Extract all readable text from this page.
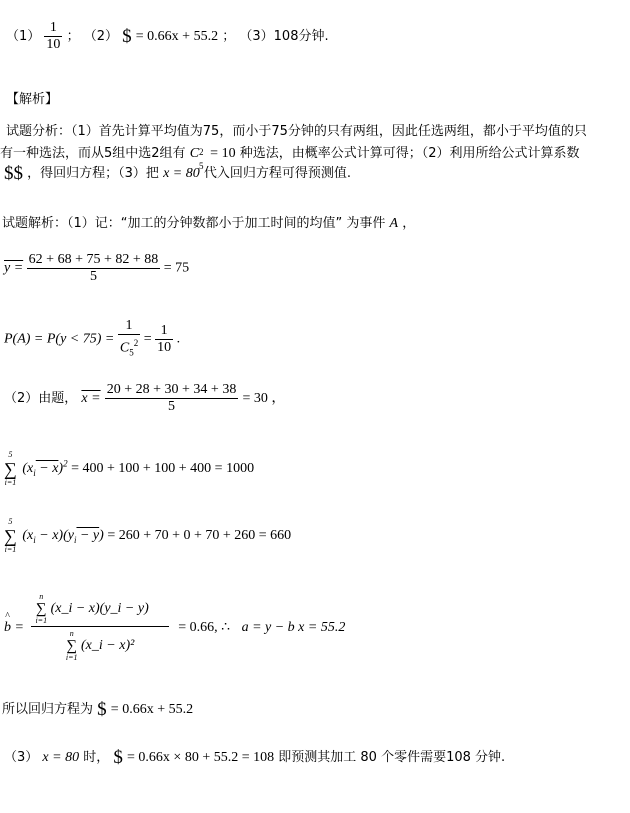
$(1) \frac{1}{10}$ ； （2） $ = 0.66x + 55.2 ； （3）108分钟.
【解析】
试题分析：（1）首先计算平均值为75，而小于75分钟的只有两组，因此任选两组，都小于平均值的只
有一种选法，而从5组中选2组有 C 2
5
= 10 种选法，由概率公式计算可得；（2）利用所给公式计算系数
$$ ，得回归方程；（3）把 x = 80 代入回归方程可得预测值.
试题解析：（1）记：“加工的分钟数都小于加工时间的均值” 为事件 A ，
$y = \frac{62 + 68 + 75 + 82 + 88}{5} = 75$
$P(A) = P(y < 75) = \frac{1}{C_5^2} = \frac{1}{10}$ .
（2）由题， $x = \frac{20 + 28 + 30 + 34 + 38}{5} = 30$ ，
5
∑
i=1
$(x_i - x)^2 = 400 + 100 + 100 + 400 = 1000$
5
∑
i=1
$(x_i - x)(y_i - y) = 260 + 70 + 0 + 70 + 260 = 660$
^ b = n
∑
i=1
(x_i − x)(y_i − y)
n
∑
i=1
(x_i − x)² = 0.66, ∴ a = y − b x = 55.2
所以回归方程为 $ = 0.66x + 55.2
（3） x = 80 时， $ = 0.66x × 80 + 55.2 = 108 即预测其加工 80 个零件需要108 分钟.
